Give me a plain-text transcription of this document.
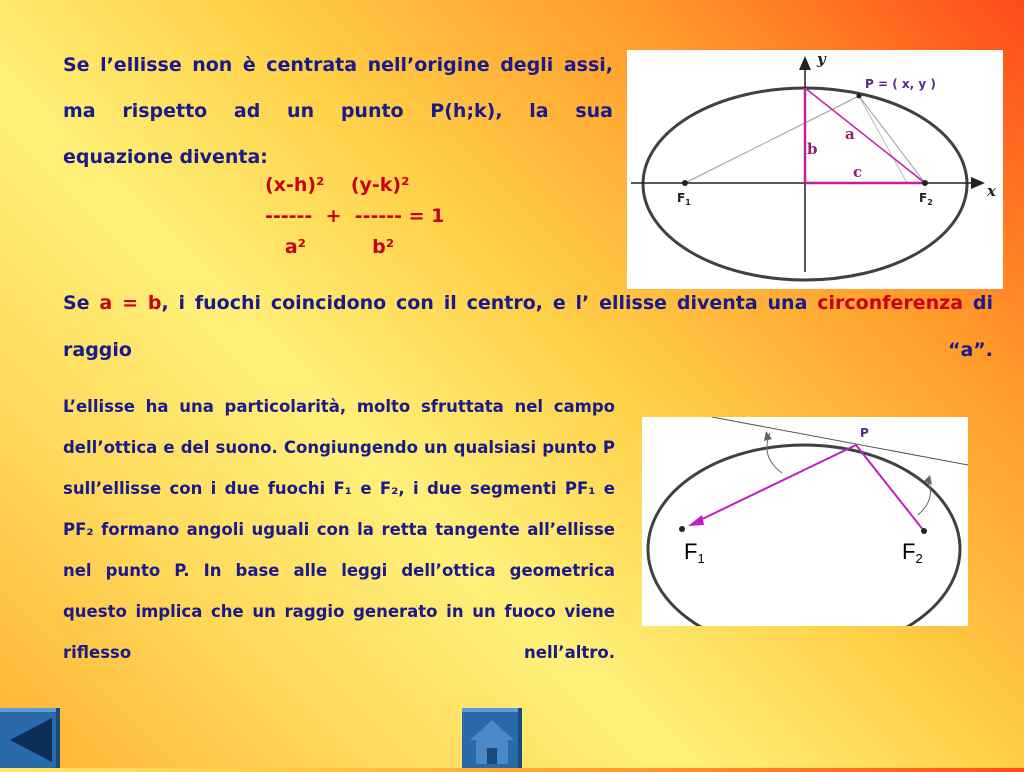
Se l’ellisse non è centrata nell’origine degli assi, ma rispetto ad un punto P(h;k), la sua
equazione diventa:
(x-h)²    (y-k)²
------  +  ------ = 1
a²          b²
y
x
P = ( x, y )
a
b
c
$F_1$	$F_2$
Se a = b, i fuochi coincidono con il centro, e l’ ellisse diventa una circonferenza di raggio “a”.
L’ellisse ha una particolarità, molto sfruttata nel campo dell’ottica e del suono. Congiungendo un qualsiasi punto P sull’ellisse con i due fuochi F₁ e F₂, i due segmenti PF₁ e PF₂ formano angoli uguali con la retta tangente all’ellisse nel punto P. In base alle leggi dell’ottica geometrica questo implica che un raggio generato in un fuoco viene riflesso nell’altro.
P
F1	F2
